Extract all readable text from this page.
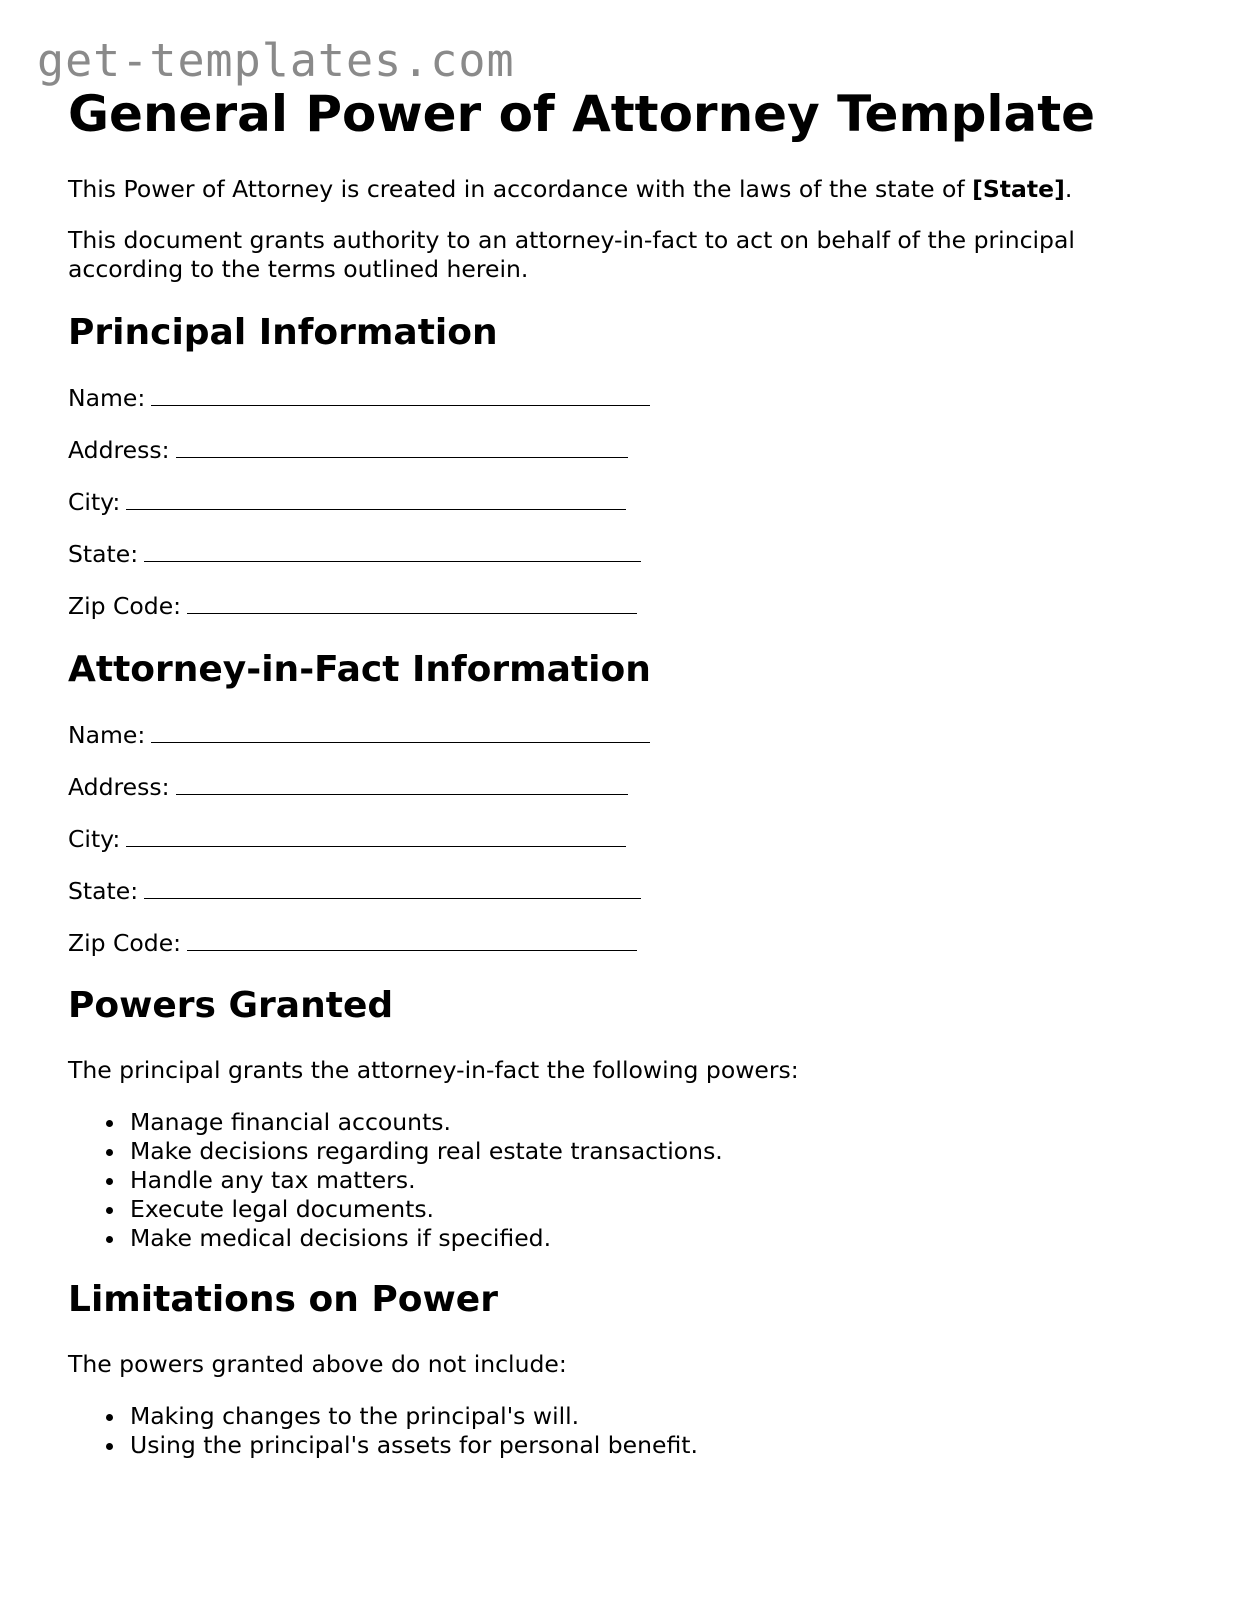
get-templates.com
General Power of Attorney Template

This Power of Attorney is created in accordance with the laws of the state of [State].

This document grants authority to an attorney-in-fact to act on behalf of the principal according to the terms outlined herein.

Principal Information
Name:
Address:
City:
State:
Zip Code:
Attorney-in-Fact Information
Name:
Address:
City:
State:
Zip Code:
Powers Granted

The principal grants the attorney-in-fact the following powers:

Manage financial accounts.
Make decisions regarding real estate transactions.
Handle any tax matters.
Execute legal documents.
Make medical decisions if specified.
Limitations on Power

The powers granted above do not include:

Making changes to the principal's will.
Using the principal's assets for personal benefit.
